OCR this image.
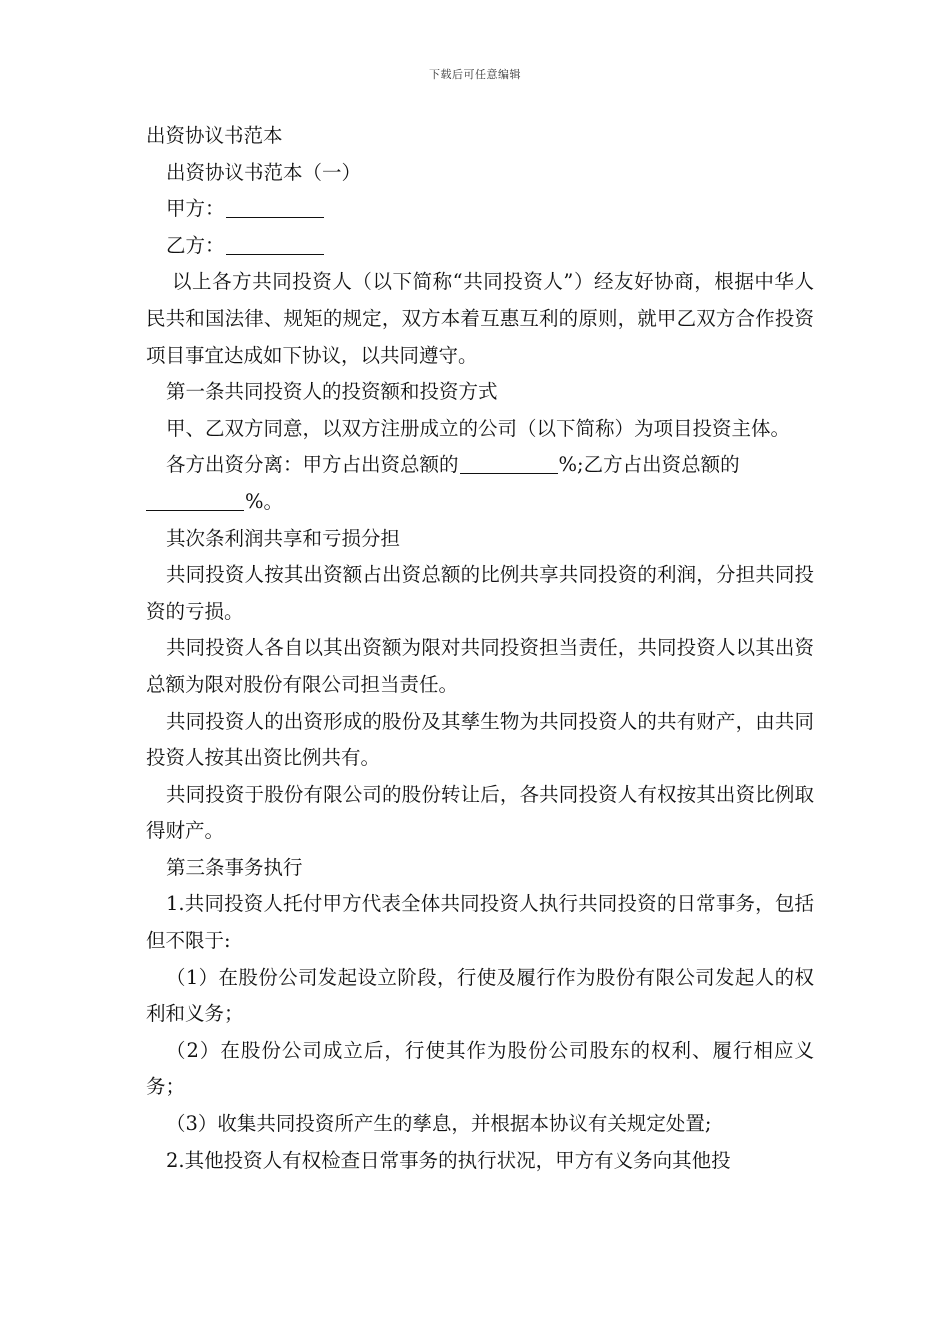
下载后可任意编辑

出资协议书范本

出资协议书范本（一）

甲方：

乙方：

以上各方共同投资人（以下简称“共同投资人”）经友好协商，根据中华人民共和国法律、规矩的规定，双方本着互惠互利的原则，就甲乙双方合作投资项目事宜达成如下协议，以共同遵守。

第一条共同投资人的投资额和投资方式

甲、乙双方同意，以双方注册成立的公司（以下简称）为项目投资主体。

各方出资分离：甲方占出资总额的	%;乙方占出资总额的
%。

其次条利润共享和亏损分担

共同投资人按其出资额占出资总额的比例共享共同投资的利润，分担共同投资的亏损。

共同投资人各自以其出资额为限对共同投资担当责任，共同投资人以其出资总额为限对股份有限公司担当责任。

共同投资人的出资形成的股份及其孳生物为共同投资人的共有财产，由共同投资人按其出资比例共有。

共同投资于股份有限公司的股份转让后，各共同投资人有权按其出资比例取得财产。

第三条事务执行

1.共同投资人托付甲方代表全体共同投资人执行共同投资的日常事务，包括但不限于:

（1）在股份公司发起设立阶段，行使及履行作为股份有限公司发起人的权利和义务；

（2）在股份公司成立后，行使其作为股份公司股东的权利、履行相应义务；

（3）收集共同投资所产生的孳息，并根据本协议有关规定处置;

2.其他投资人有权检查日常事务的执行状况，甲方有义务向其他投
